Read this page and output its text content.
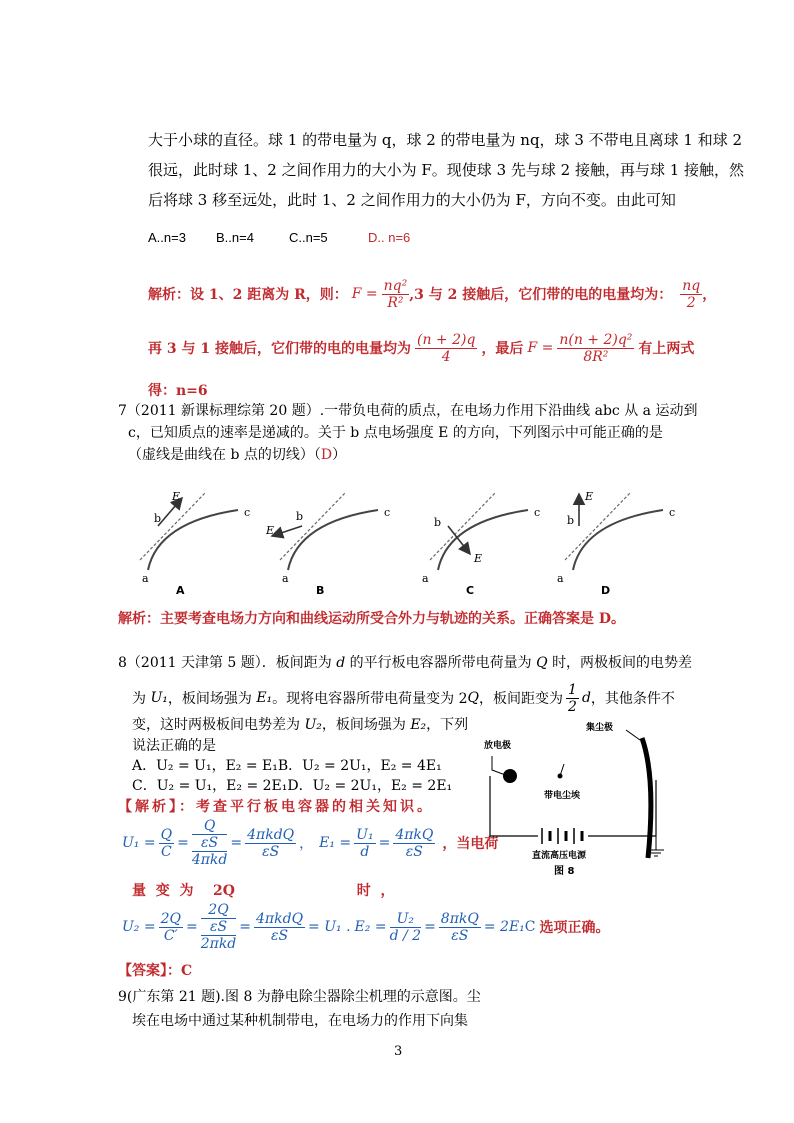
大于小球的直径。球 1 的带电量为 q，球 2 的带电量为 nq，球 3 不带电且离球 1 和球 2
很远，此时球 1、2 之间作用力的大小为 F。现使球 3 先与球 2 接触，再与球 1 接触，然
后将球 3 移至远处，此时 1、2 之间作用力的大小仍为 F，方向不变。由此可知
A..n=3 B..n=4	C..n=5	D.. n=6
解析：设 1、2 距离为 R，则： $F = \frac{\text{nq²}}{\text{R²}} ,3$ 与 2 接触后，它们带的电的电量均为： $\frac{nq}{2}$ ，
再 3 与 1 接触后，它们带的电的电量均为 $\frac{(n + 2)q}{4}$ ，最后 $F = \frac{\text{n(n + 2)q²}}{\text{8R²}}$ 有上两式
得：n=6
7（2011 新课标理综第 20 题）.一带负电荷的质点，在电场力作用下沿曲线 abc 从 a 运动到
c，已知质点的速率是递减的。关于 b 点电场强度 E 的方向，下列图示中可能正确的是
（虚线是曲线在 b 点的切线）（D）
E
b
a
c
A
E
b
a
c
B
E
b
a
c
C
E
b
a
c
D
解析：主要考查电场力方向和曲线运动所受合外力与轨迹的关系。正确答案是 D。
8（2011 天津第 5 题）．板间距为 d 的平行板电容器所带电荷量为 Q 时，两极板间的电势差
为
U₁ ，板间场强为
E₁ 。现将电容器所带电荷量变为 2 Q ，板间距变为 $\frac{1}{2}$ d ，其他条件不
变，这时两极板间电势差为 U₂，板间场强为 E₂，下列
说法正确的是
A．U₂ = U₁，E₂ = E₁B．U₂ = 2U₁，E₂ = 4E₁
C．U₂ = U₁，E₂ = 2E₁D．U₂ = 2U₁，E₂ = 2E₁
【解析】：考查平行板电容器的相关知识。
$U_1 = \frac{Q}{C}$ =
Q
εS
4πkd
= $\frac{\text{4πkdQ}}{\varepsilon S}$ ， $E_1 = \frac{\text{U₁}}{d} = \frac{\text{4πkQ}}{\varepsilon S}$ ，当电荷
量  变  为    2Q                         时  ，
$U_2 = \frac{2Q}{C'}$ =
2Q
εS
2πkd
= $\frac{\text{4πkdQ}}{\varepsilon S} = U_1$ . $E_2 = \frac{\text{U₂}}{d / 2} = \frac{\text{8πkQ}}{\varepsilon S} = 2E_1$ C 选项正确。
【答案】：C
放电极
集尘极
带电尘埃
直流高压电源
图 8
9(广东第 21 题).图 8 为静电除尘器除尘机理的示意图。尘
埃在电场中通过某种机制带电，在电场力的作用下向集
3
